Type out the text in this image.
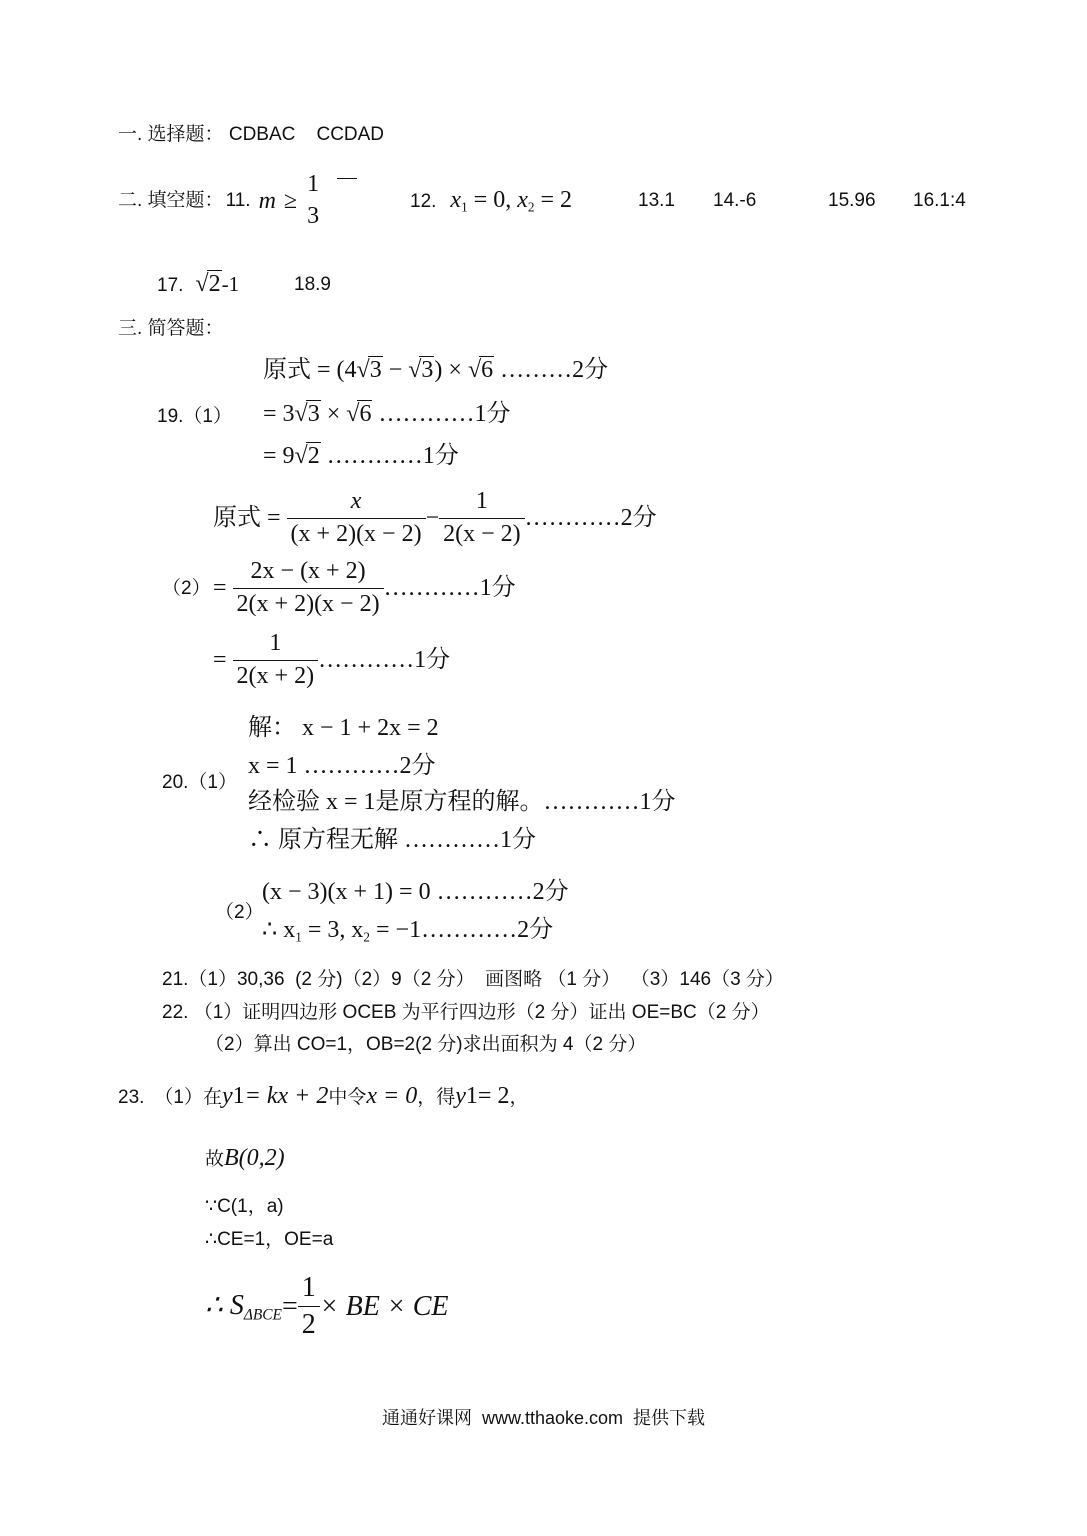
一. 选择题： CDBAC    CCDAD
二. 填空题： 11. m ≥
1
3
12. $x_1 = 0$, $x_2 = 2$	13.1 14.-6	15.96 16.1:4
17. √2 -1	18.9
三. 简答题：
原式 = (4√3 − √3) × √6 ………2分
19.（1） = 3√3 × √6 …………1分
= 9√2 …………1分
原式 = $\frac{x}{(x + 2)(x - 2)} - \frac{1}{2(x - 2)}$ …………2分
$(2) = \frac{2x - (x + 2)}{2(x + 2)(x - 2)}$ …………1分
= $\frac{1}{2(x + 2)}$ …………1分
解： x − 1 + 2x = 2
x = 1 …………2分
20.（1）
经检验 x = 1是原方程的解。…………1分
∴ 原方程无解 …………1分
(x − 3)(x + 1) = 0 …………2分
（2）
∴ $x_1 = 3$, $x_2$ = −1…………2分
21.（1）30,36  (2 分)（2）9（2 分）  画图略 （1 分）  （3）146（3 分）
22. （1）证明四边形 OCEB 为平行四边形（2 分）证出 OE=BC（2 分）
（2）算出 CO=1，OB=2(2 分)求出面积为 4（2 分）
23. （1）在 y 1 = kx + 2 中令 x = 0 ，得 y 1 = 2 ，
故 B(0,2)
∵C(1，a)
∴CE=1，OE=a
∴ $S_{\Delta BCE} = \frac{1}{2}$ × BE × CE
通通好课网  www.tthaoke.com  提供下载
